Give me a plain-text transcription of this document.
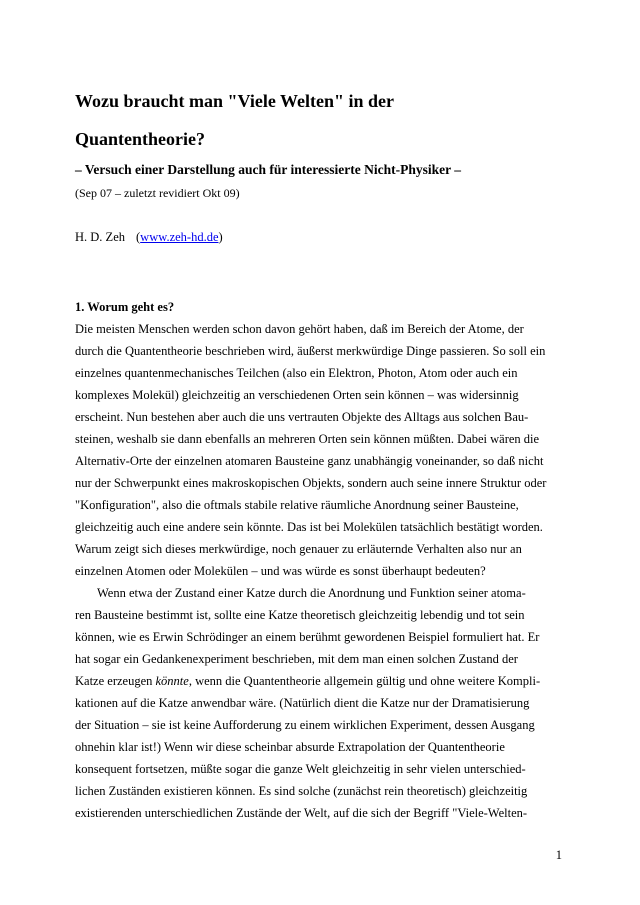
Wozu braucht man "Viele Welten" in der
Quantentheorie?
– Versuch einer Darstellung auch für interessierte Nicht-Physiker –
(Sep 07 – zuletzt revidiert Okt 09)
H. D. Zeh (www.zeh-hd.de)
1. Worum geht es?
Die meisten Menschen werden schon davon gehört haben, daß im Bereich der Atome, der
durch die Quantentheorie beschrieben wird, äußerst merkwürdige Dinge passieren. So soll ein
einzelnes quantenmechanisches Teilchen (also ein Elektron, Photon, Atom oder auch ein
komplexes Molekül) gleichzeitig an verschiedenen Orten sein können – was widersinnig
erscheint. Nun bestehen aber auch die uns vertrauten Objekte des Alltags aus solchen Bau-
steinen, weshalb sie dann ebenfalls an mehreren Orten sein können müßten. Dabei wären die
Alternativ-Orte der einzelnen atomaren Bausteine ganz unabhängig voneinander, so daß nicht
nur der Schwerpunkt eines makroskopischen Objekts, sondern auch seine innere Struktur oder
"Konfiguration", also die oftmals stabile relative räumliche Anordnung seiner Bausteine,
gleichzeitig auch eine andere sein könnte. Das ist bei Molekülen tatsächlich bestätigt worden.
Warum zeigt sich dieses merkwürdige, noch genauer zu erläuternde Verhalten also nur an
einzelnen Atomen oder Molekülen – und was würde es sonst überhaupt bedeuten?
Wenn etwa der Zustand einer Katze durch die Anordnung und Funktion seiner atoma-
ren Bausteine bestimmt ist, sollte eine Katze theoretisch gleichzeitig lebendig und tot sein
können, wie es Erwin Schrödinger an einem berühmt gewordenen Beispiel formuliert hat. Er
hat sogar ein Gedankenexperiment beschrieben, mit dem man einen solchen Zustand der
Katze erzeugen könnte, wenn die Quantentheorie allgemein gültig und ohne weitere Kompli-
kationen auf die Katze anwendbar wäre. (Natürlich dient die Katze nur der Dramatisierung
der Situation – sie ist keine Aufforderung zu einem wirklichen Experiment, dessen Ausgang
ohnehin klar ist!) Wenn wir diese scheinbar absurde Extrapolation der Quantentheorie
konsequent fortsetzen, müßte sogar die ganze Welt gleichzeitig in sehr vielen unterschied-
lichen Zuständen existieren können. Es sind solche (zunächst rein theoretisch) gleichzeitig
existierenden unterschiedlichen Zustände der Welt, auf die sich der Begriff "Viele-Welten-
1
